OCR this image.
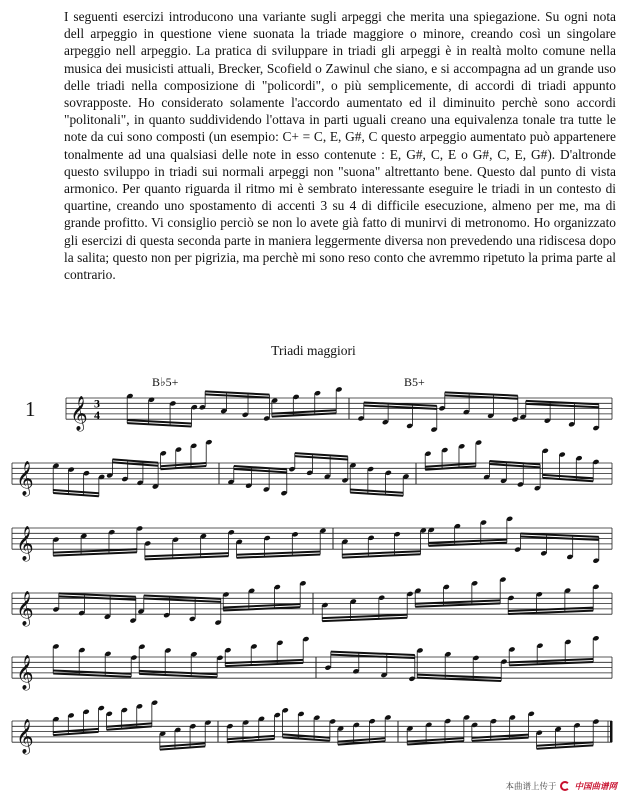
I seguenti esercizi introducono una variante sugli arpeggi che merita una spiegazione. Su ogni nota dell arpeggio in questione viene suonata la triade maggiore o minore, creando così un singolare arpeggio nell arpeggio. La pratica di sviluppare in triadi gli arpeggi è in realtà molto comune nella musica dei musicisti attuali, Brecker, Scofield o Zawinul che siano, e si accompagna ad un grande uso delle triadi nella composizione di "policordi", o più semplicemente, di accordi di triadi appunto sovrapposte. Ho considerato solamente l'accordo aumentato ed il diminuito perchè sono accordi "politonali", in quanto suddividendo l'ottava in parti uguali creano una equivalenza tonale tra tutte le note da cui sono composti (un esempio: C+ = C, E, G#, C questo arpeggio aumentato può appartenere tonalmente ad una qualsiasi delle note in esso contenute : E, G#, C, E o G#, C, E, G#). D'altronde questo sviluppo in triadi sui normali arpeggi non "suona" altrettanto bene. Questo dal punto di vista armonico. Per quanto riguarda il ritmo mi è sembrato interessante eseguire le triadi in un contesto di quartine, creando uno spostamento di accenti 3 su 4 di difficile esecuzione, almeno per me, ma di grande profitto. Vi consiglio perciò se non lo avete già fatto di munirvi di metronomo. Ho organizzato gli esercizi di questa seconda parte in maniera leggermente diversa non prevedendo una ridiscesa dopo la salita; questo non per pigrizia, ma perchè mi sono reso conto che avremmo ripetuto la prima parte al contrario.

Triadi maggiori
B♭5+	B5+
1 𝄞 3
4
𝄞
𝄞
𝄞
𝄞
𝄞
本曲谱上传于 中国曲谱网
